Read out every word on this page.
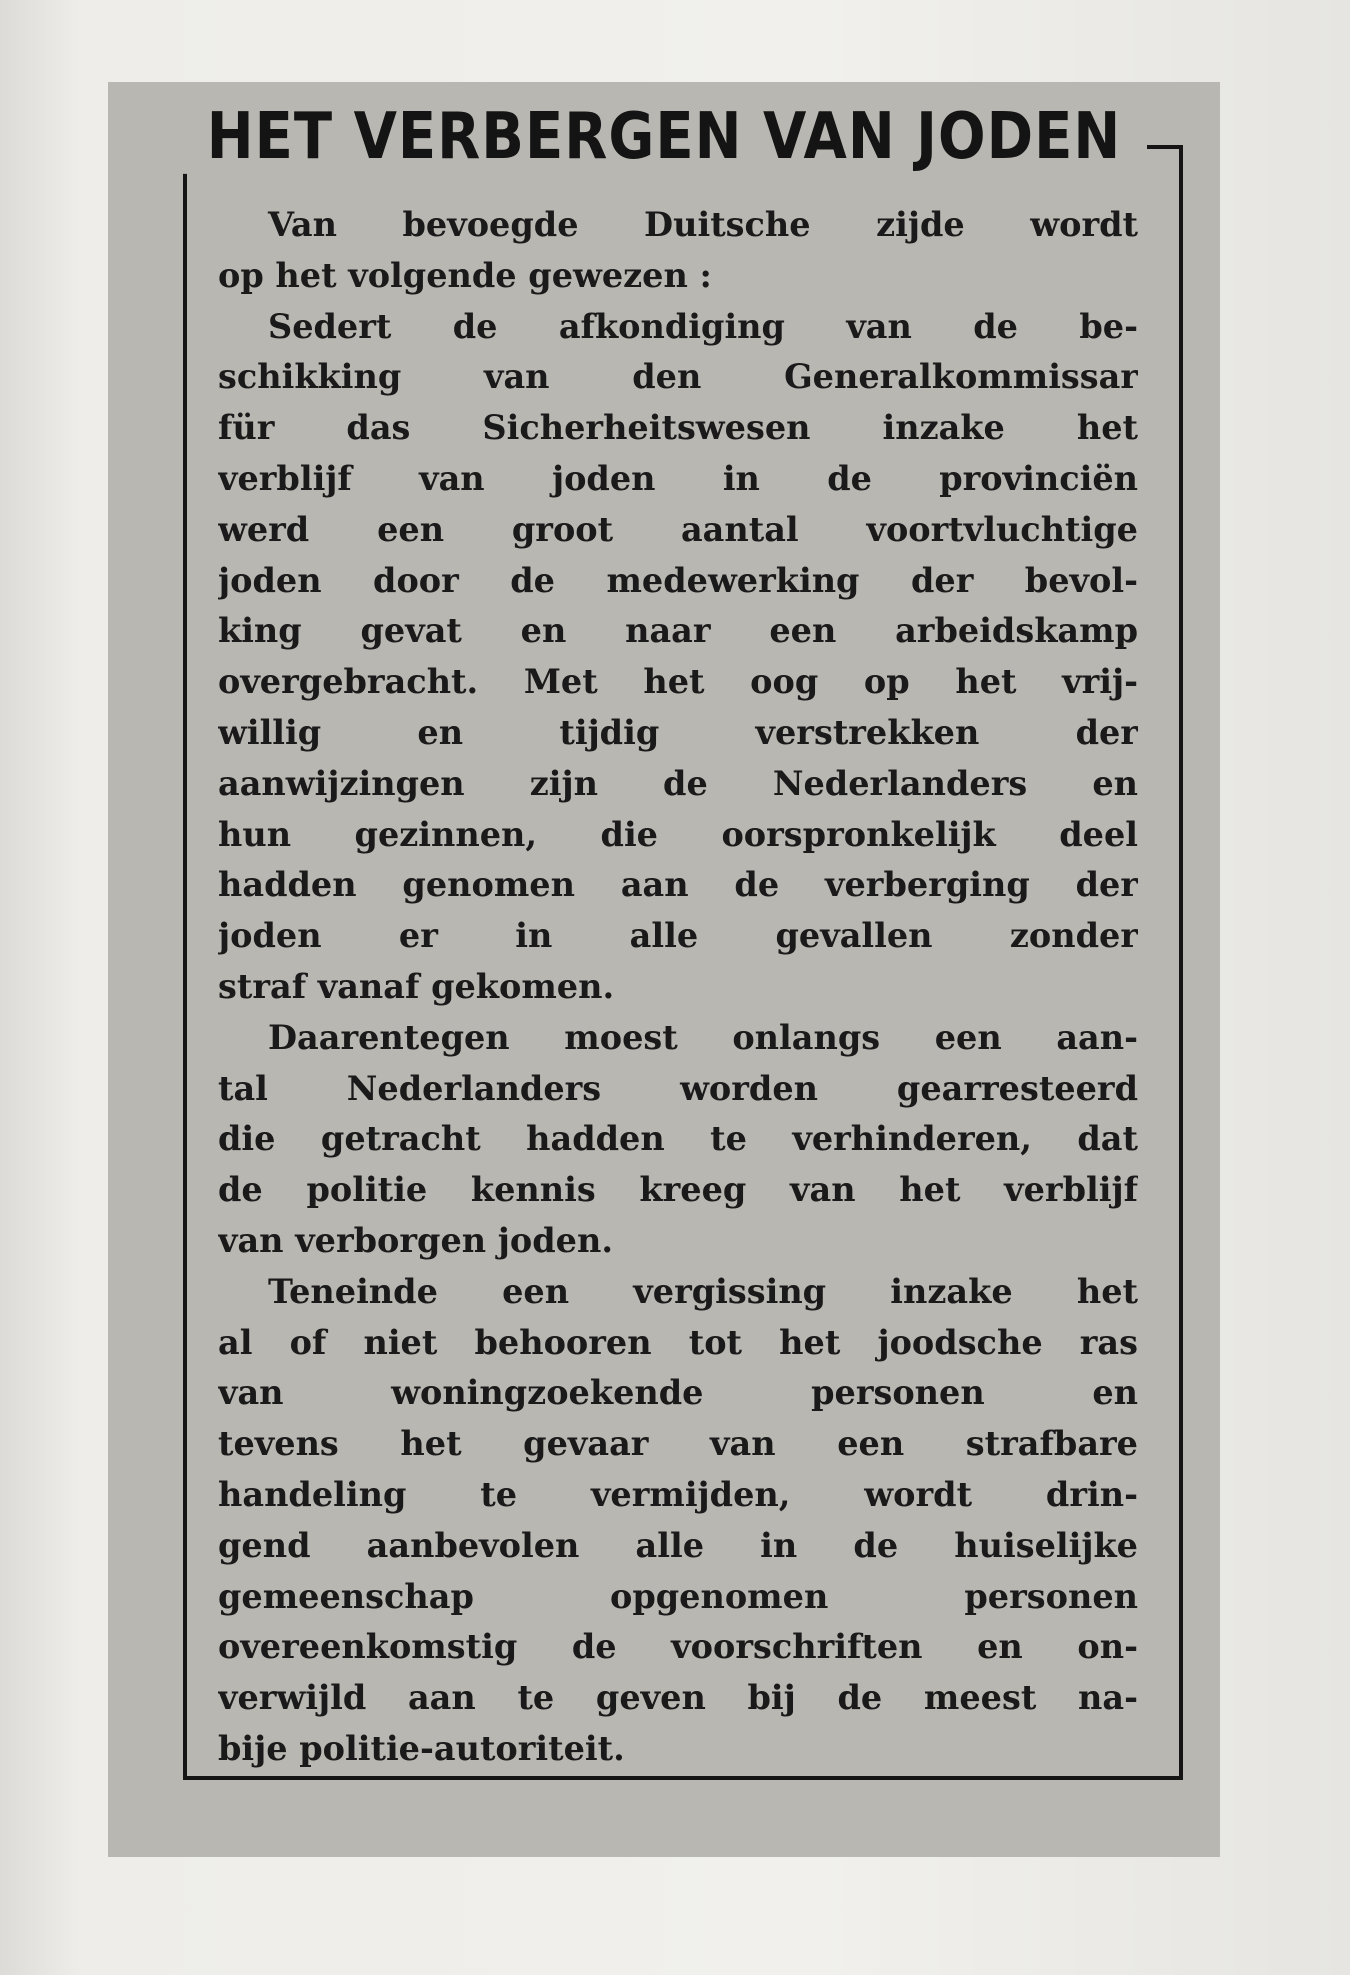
HET VERBERGEN VAN JODEN

Van bevoegde Duitsche zijde wordt
op het volgende gewezen :

Sedert de afkondiging van de be-
schikking van den Generalkommissar
für das Sicherheitswesen inzake het
verblijf van joden in de provinciën
werd een groot aantal voortvluchtige
joden door de medewerking der bevol-
king gevat en naar een arbeidskamp
overgebracht. Met het oog op het vrij-
willig en tijdig verstrekken der
aanwijzingen zijn de Nederlanders en
hun gezinnen, die oorspronkelijk deel
hadden genomen aan de verberging der
joden er in alle gevallen zonder
straf vanaf gekomen.

Daarentegen moest onlangs een aan-
tal Nederlanders worden gearresteerd
die getracht hadden te verhinderen, dat
de politie kennis kreeg van het verblijf
van verborgen joden.

Teneinde een vergissing inzake het
al of niet behooren tot het joodsche ras
van woningzoekende personen en
tevens het gevaar van een strafbare
handeling te vermijden, wordt drin-
gend aanbevolen alle in de huiselijke
gemeenschap opgenomen personen
overeenkomstig de voorschriften en on-
verwijld aan te geven bij de meest na-
bije politie-autoriteit.
